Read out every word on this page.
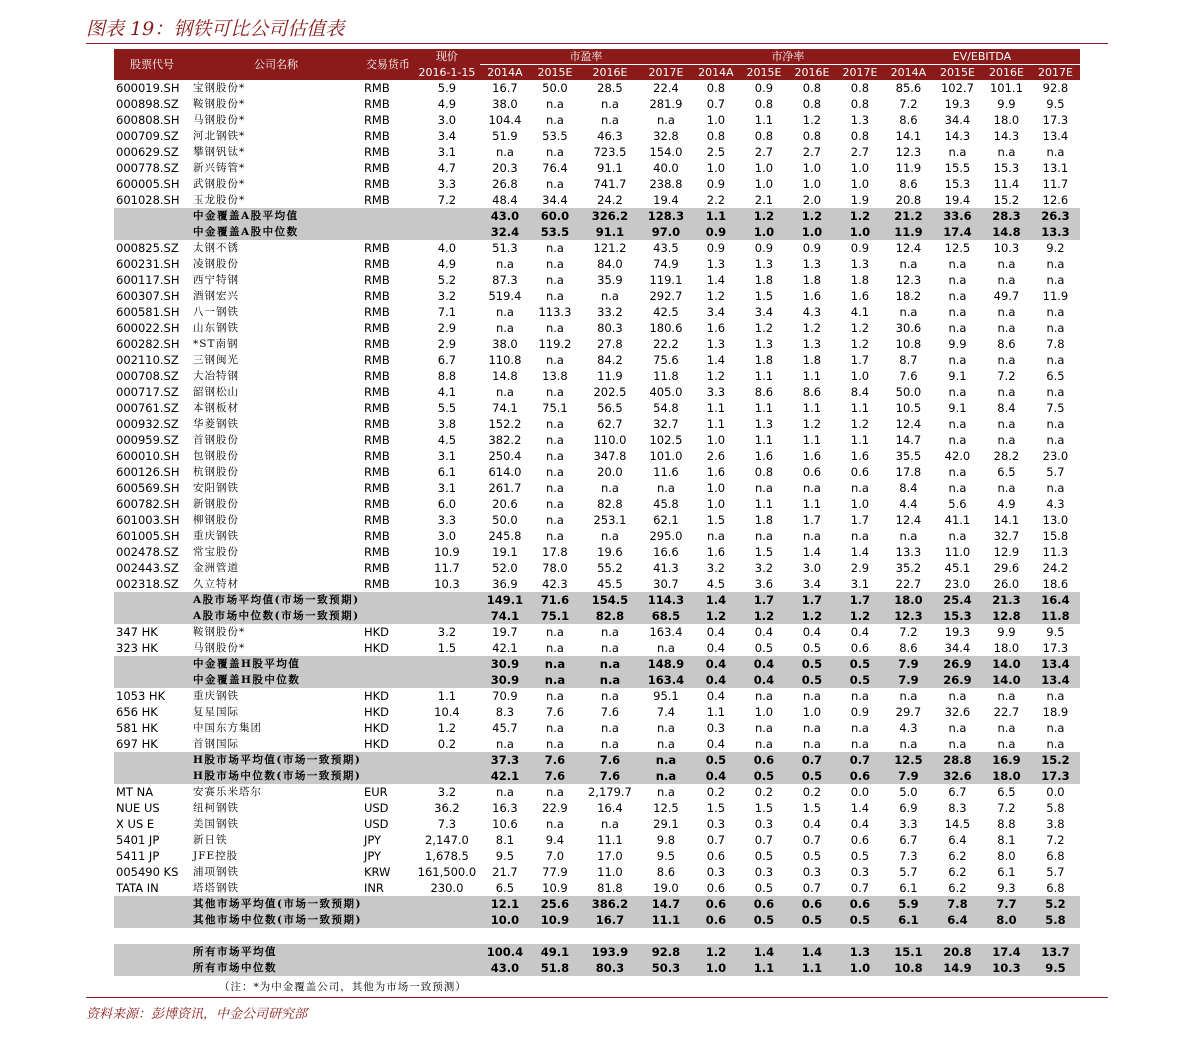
图表 19：钢铁可比公司估值表
股票代号	公司名称	交易货币	现价	市盈率				市净率				EV/EBITDA			
			2016-1-15	2014A	2015E	2016E	2017E	2014A	2015E	2016E	2017E	2014A	2015E	2016E	2017E
600019.SH	宝钢股份*	RMB	5.9	16.7	50.0	28.5	22.4	0.8	0.9	0.8	0.8	85.6	102.7	101.1	92.8
000898.SZ	鞍钢股份*	RMB	4.9	38.0	n.a	n.a	281.9	0.7	0.8	0.8	0.8	7.2	19.3	9.9	9.5
600808.SH	马钢股份*	RMB	3.0	104.4	n.a	n.a	n.a	1.0	1.1	1.2	1.3	8.6	34.4	18.0	17.3
000709.SZ	河北钢铁*	RMB	3.4	51.9	53.5	46.3	32.8	0.8	0.8	0.8	0.8	14.1	14.3	14.3	13.4
000629.SZ	攀钢钒钛*	RMB	3.1	n.a	n.a	723.5	154.0	2.5	2.7	2.7	2.7	12.3	n.a	n.a	n.a
000778.SZ	新兴铸管*	RMB	4.7	20.3	76.4	91.1	40.0	1.0	1.0	1.0	1.0	11.9	15.5	15.3	13.1
600005.SH	武钢股份*	RMB	3.3	26.8	n.a	741.7	238.8	0.9	1.0	1.0	1.0	8.6	15.3	11.4	11.7
601028.SH	玉龙股份*	RMB	7.2	48.4	34.4	24.2	19.4	2.2	2.1	2.0	1.9	20.8	19.4	15.2	12.6
	中金覆盖A股平均值			43.0	60.0	326.2	128.3	1.1	1.2	1.2	1.2	21.2	33.6	28.3	26.3
	中金覆盖A股中位数			32.4	53.5	91.1	97.0	0.9	1.0	1.0	1.0	11.9	17.4	14.8	13.3
000825.SZ	太钢不锈	RMB	4.0	51.3	n.a	121.2	43.5	0.9	0.9	0.9	0.9	12.4	12.5	10.3	9.2
600231.SH	凌钢股份	RMB	4.9	n.a	n.a	84.0	74.9	1.3	1.3	1.3	1.3	n.a	n.a	n.a	n.a
600117.SH	西宁特钢	RMB	5.2	87.3	n.a	35.9	119.1	1.4	1.8	1.8	1.8	12.3	n.a	n.a	n.a
600307.SH	酒钢宏兴	RMB	3.2	519.4	n.a	n.a	292.7	1.2	1.5	1.6	1.6	18.2	n.a	49.7	11.9
600581.SH	八一钢铁	RMB	7.1	n.a	113.3	33.2	42.5	3.4	3.4	4.3	4.1	n.a	n.a	n.a	n.a
600022.SH	山东钢铁	RMB	2.9	n.a	n.a	80.3	180.6	1.6	1.2	1.2	1.2	30.6	n.a	n.a	n.a
600282.SH	*ST南钢	RMB	2.9	38.0	119.2	27.8	22.2	1.3	1.3	1.3	1.2	10.8	9.9	8.6	7.8
002110.SZ	三钢闽光	RMB	6.7	110.8	n.a	84.2	75.6	1.4	1.8	1.8	1.7	8.7	n.a	n.a	n.a
000708.SZ	大冶特钢	RMB	8.8	14.8	13.8	11.9	11.8	1.2	1.1	1.1	1.0	7.6	9.1	7.2	6.5
000717.SZ	韶钢松山	RMB	4.1	n.a	n.a	202.5	405.0	3.3	8.6	8.6	8.4	50.0	n.a	n.a	n.a
000761.SZ	本钢板材	RMB	5.5	74.1	75.1	56.5	54.8	1.1	1.1	1.1	1.1	10.5	9.1	8.4	7.5
000932.SZ	华菱钢铁	RMB	3.8	152.2	n.a	62.7	32.7	1.1	1.3	1.2	1.2	12.4	n.a	n.a	n.a
000959.SZ	首钢股份	RMB	4.5	382.2	n.a	110.0	102.5	1.0	1.1	1.1	1.1	14.7	n.a	n.a	n.a
600010.SH	包钢股份	RMB	3.1	250.4	n.a	347.8	101.0	2.6	1.6	1.6	1.6	35.5	42.0	28.2	23.0
600126.SH	杭钢股份	RMB	6.1	614.0	n.a	20.0	11.6	1.6	0.8	0.6	0.6	17.8	n.a	6.5	5.7
600569.SH	安阳钢铁	RMB	3.1	261.7	n.a	n.a	n.a	1.0	n.a	n.a	n.a	8.4	n.a	n.a	n.a
600782.SH	新钢股份	RMB	6.0	20.6	n.a	82.8	45.8	1.0	1.1	1.1	1.0	4.4	5.6	4.9	4.3
601003.SH	柳钢股份	RMB	3.3	50.0	n.a	253.1	62.1	1.5	1.8	1.7	1.7	12.4	41.1	14.1	13.0
601005.SH	重庆钢铁	RMB	3.0	245.8	n.a	n.a	295.0	n.a	n.a	n.a	n.a	n.a	n.a	32.7	15.8
002478.SZ	常宝股份	RMB	10.9	19.1	17.8	19.6	16.6	1.6	1.5	1.4	1.4	13.3	11.0	12.9	11.3
002443.SZ	金洲管道	RMB	11.7	52.0	78.0	55.2	41.3	3.2	3.2	3.0	2.9	35.2	45.1	29.6	24.2
002318.SZ	久立特材	RMB	10.3	36.9	42.3	45.5	30.7	4.5	3.6	3.4	3.1	22.7	23.0	26.0	18.6
	A股市场平均值(市场一致预期)			149.1	71.6	154.5	114.3	1.4	1.7	1.7	1.7	18.0	25.4	21.3	16.4
	A股市场中位数(市场一致预期)			74.1	75.1	82.8	68.5	1.2	1.2	1.2	1.2	12.3	15.3	12.8	11.8
347 HK	鞍钢股份*	HKD	3.2	19.7	n.a	n.a	163.4	0.4	0.4	0.4	0.4	7.2	19.3	9.9	9.5
323 HK	马钢股份*	HKD	1.5	42.1	n.a	n.a	n.a	0.4	0.5	0.5	0.6	8.6	34.4	18.0	17.3
	中金覆盖H股平均值			30.9	n.a	n.a	148.9	0.4	0.4	0.5	0.5	7.9	26.9	14.0	13.4
	中金覆盖H股中位数			30.9	n.a	n.a	163.4	0.4	0.4	0.5	0.5	7.9	26.9	14.0	13.4
1053 HK	重庆钢铁	HKD	1.1	70.9	n.a	n.a	95.1	0.4	n.a	n.a	n.a	n.a	n.a	n.a	n.a
656 HK	复星国际	HKD	10.4	8.3	7.6	7.6	7.4	1.1	1.0	1.0	0.9	29.7	32.6	22.7	18.9
581 HK	中国东方集团	HKD	1.2	45.7	n.a	n.a	n.a	0.3	n.a	n.a	n.a	4.3	n.a	n.a	n.a
697 HK	首钢国际	HKD	0.2	n.a	n.a	n.a	n.a	0.4	n.a	n.a	n.a	n.a	n.a	n.a	n.a
	H股市场平均值(市场一致预期)			37.3	7.6	7.6	n.a	0.5	0.6	0.7	0.7	12.5	28.8	16.9	15.2
	H股市场中位数(市场一致预期)			42.1	7.6	7.6	n.a	0.4	0.5	0.5	0.6	7.9	32.6	18.0	17.3
MT NA	安赛乐米塔尔	EUR	3.2	n.a	n.a	2,179.7	n.a	0.2	0.2	0.2	0.0	5.0	6.7	6.5	0.0
NUE US	纽柯钢铁	USD	36.2	16.3	22.9	16.4	12.5	1.5	1.5	1.5	1.4	6.9	8.3	7.2	5.8
X US E	美国钢铁	USD	7.3	10.6	n.a	n.a	29.1	0.3	0.3	0.4	0.4	3.3	14.5	8.8	3.8
5401 JP	新日铁	JPY	2,147.0	8.1	9.4	11.1	9.8	0.7	0.7	0.7	0.6	6.7	6.4	8.1	7.2
5411 JP	JFE控股	JPY	1,678.5	9.5	7.0	17.0	9.5	0.6	0.5	0.5	0.5	7.3	6.2	8.0	6.8
005490 KS	浦项钢铁	KRW	161,500.0	21.7	77.9	11.0	8.6	0.3	0.3	0.3	0.3	5.7	6.2	6.1	5.7
TATA IN	塔塔钢铁	INR	230.0	6.5	10.9	81.8	19.0	0.6	0.5	0.7	0.7	6.1	6.2	9.3	6.8
	其他市场平均值(市场一致预期)			12.1	25.6	386.2	14.7	0.6	0.6	0.6	0.6	5.9	7.8	7.7	5.2
	其他市场中位数(市场一致预期)			10.0	10.9	16.7	11.1	0.6	0.5	0.5	0.5	6.1	6.4	8.0	5.8

	所有市场平均值			100.4	49.1	193.9	92.8	1.2	1.4	1.4	1.3	15.1	20.8	17.4	13.7
	所有市场中位数			43.0	51.8	80.3	50.3	1.0	1.1	1.1	1.0	10.8	14.9	10.3	9.5
（注：*为中金覆盖公司，其他为市场一致预测）
资料来源：彭博资讯，中金公司研究部
